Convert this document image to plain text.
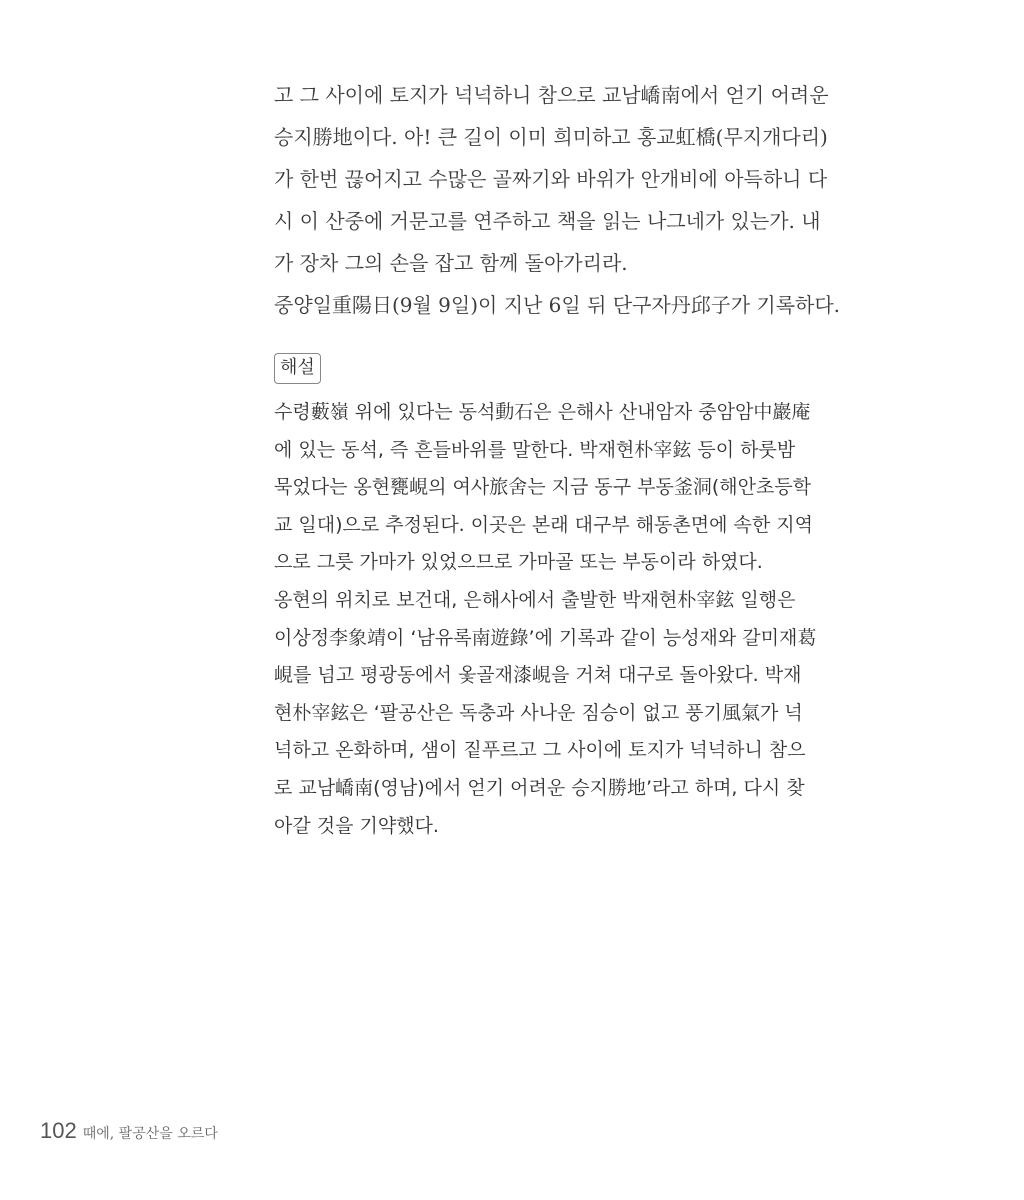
고 그 사이에 토지가 넉넉하니 참으로 교남嶠南에서 얻기 어려운
승지勝地이다. 아! 큰 길이 이미 희미하고 홍교虹橋(무지개다리)
가 한번 끊어지고 수많은 골짜기와 바위가 안개비에 아득하니 다
시 이 산중에 거문고를 연주하고 책을 읽는 나그네가 있는가. 내
가 장차 그의 손을 잡고 함께 돌아가리라.
중양일重陽日(9월 9일)이 지난 6일 뒤 단구자丹邱子가 기록하다.
해설
수령藪嶺 위에 있다는 동석動石은 은해사 산내암자 중암암中巖庵
에 있는 동석, 즉 흔들바위를 말한다. 박재현朴宰鉉 등이 하룻밤
묵었다는 옹현甕峴의 여사旅舍는 지금 동구 부동釜洞(해안초등학
교 일대)으로 추정된다. 이곳은 본래 대구부 해동촌면에 속한 지역
으로 그릇 가마가 있었으므로 가마골 또는 부동이라 하였다.
옹현의 위치로 보건대, 은해사에서 출발한 박재현朴宰鉉 일행은
이상정李象靖이 ‘남유록南遊錄’에 기록과 같이 능성재와 갈미재葛
峴를 넘고 평광동에서 옻골재漆峴을 거쳐 대구로 돌아왔다. 박재
현朴宰鉉은 ‘팔공산은 독충과 사나운 짐승이 없고 풍기風氣가 넉
넉하고 온화하며, 샘이 짙푸르고 그 사이에 토지가 넉넉하니 참으
로 교남嶠南(영남)에서 얻기 어려운 승지勝地’라고 하며, 다시 찾
아갈 것을 기약했다.
102 때에, 팔공산을 오르다
